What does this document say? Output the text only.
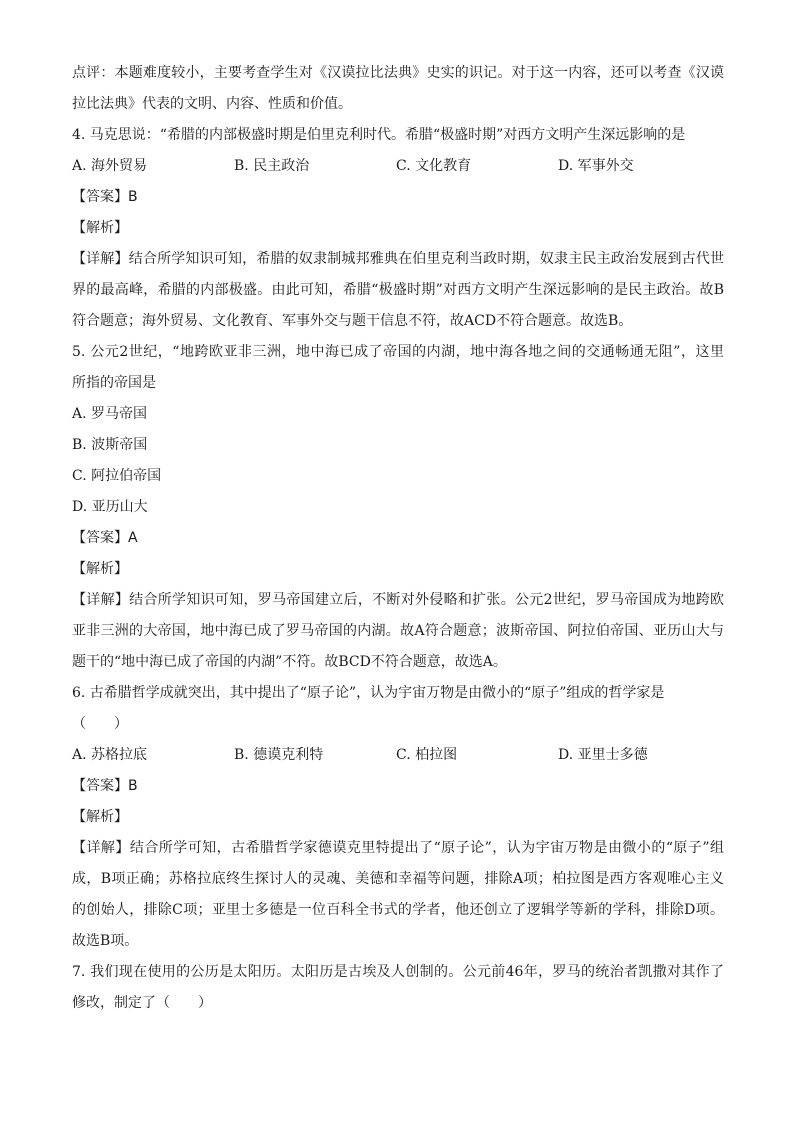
点评：本题难度较小，主要考查学生对《汉谟拉比法典》史实的识记。对于这一内容，还可以考查《汉谟
拉比法典》代表的文明、内容、性质和价值。
4. 马克思说：“希腊的内部极盛时期是伯里克利时代。希腊“极盛时期”对西方文明产生深远影响的是
A. 海外贸易	B. 民主政治	C. 文化教育	D. 军事外交
【答案】B
【解析】
【详解】结合所学知识可知，希腊的奴隶制城邦雅典在伯里克利当政时期，奴隶主民主政治发展到古代世
界的最高峰，希腊的内部极盛。由此可知，希腊“极盛时期”对西方文明产生深远影响的是民主政治。故B
符合题意；海外贸易、文化教育、军事外交与题干信息不符，故ACD不符合题意。故选B。
5. 公元2世纪，“地跨欧亚非三洲，地中海已成了帝国的内湖，地中海各地之间的交通畅通无阻”，这里
所指的帝国是
A. 罗马帝国
B. 波斯帝国
C. 阿拉伯帝国
D. 亚历山大
【答案】A
【解析】
【详解】结合所学知识可知，罗马帝国建立后，不断对外侵略和扩张。公元2世纪，罗马帝国成为地跨欧
亚非三洲的大帝国，地中海已成了罗马帝国的内湖。故A符合题意；波斯帝国、阿拉伯帝国、亚历山大与
题干的“地中海已成了帝国的内湖”不符。故BCD不符合题意，故选A。
6. 古希腊哲学成就突出，其中提出了“原子论”，认为宇宙万物是由微小的“原子”组成的哲学家是
（　　）
A. 苏格拉底	B. 德谟克利特	C. 柏拉图	D. 亚里士多德
【答案】B
【解析】
【详解】结合所学可知，古希腊哲学家德谟克里特提出了“原子论”，认为宇宙万物是由微小的“原子”组
成，B项正确；苏格拉底终生探讨人的灵魂、美德和幸福等问题，排除A项；柏拉图是西方客观唯心主义
的创始人，排除C项；亚里士多德是一位百科全书式的学者，他还创立了逻辑学等新的学科，排除D项。
故选B项。
7. 我们现在使用的公历是太阳历。太阳历是古埃及人创制的。公元前46年，罗马的统治者凯撒对其作了
修改，制定了（　　）
